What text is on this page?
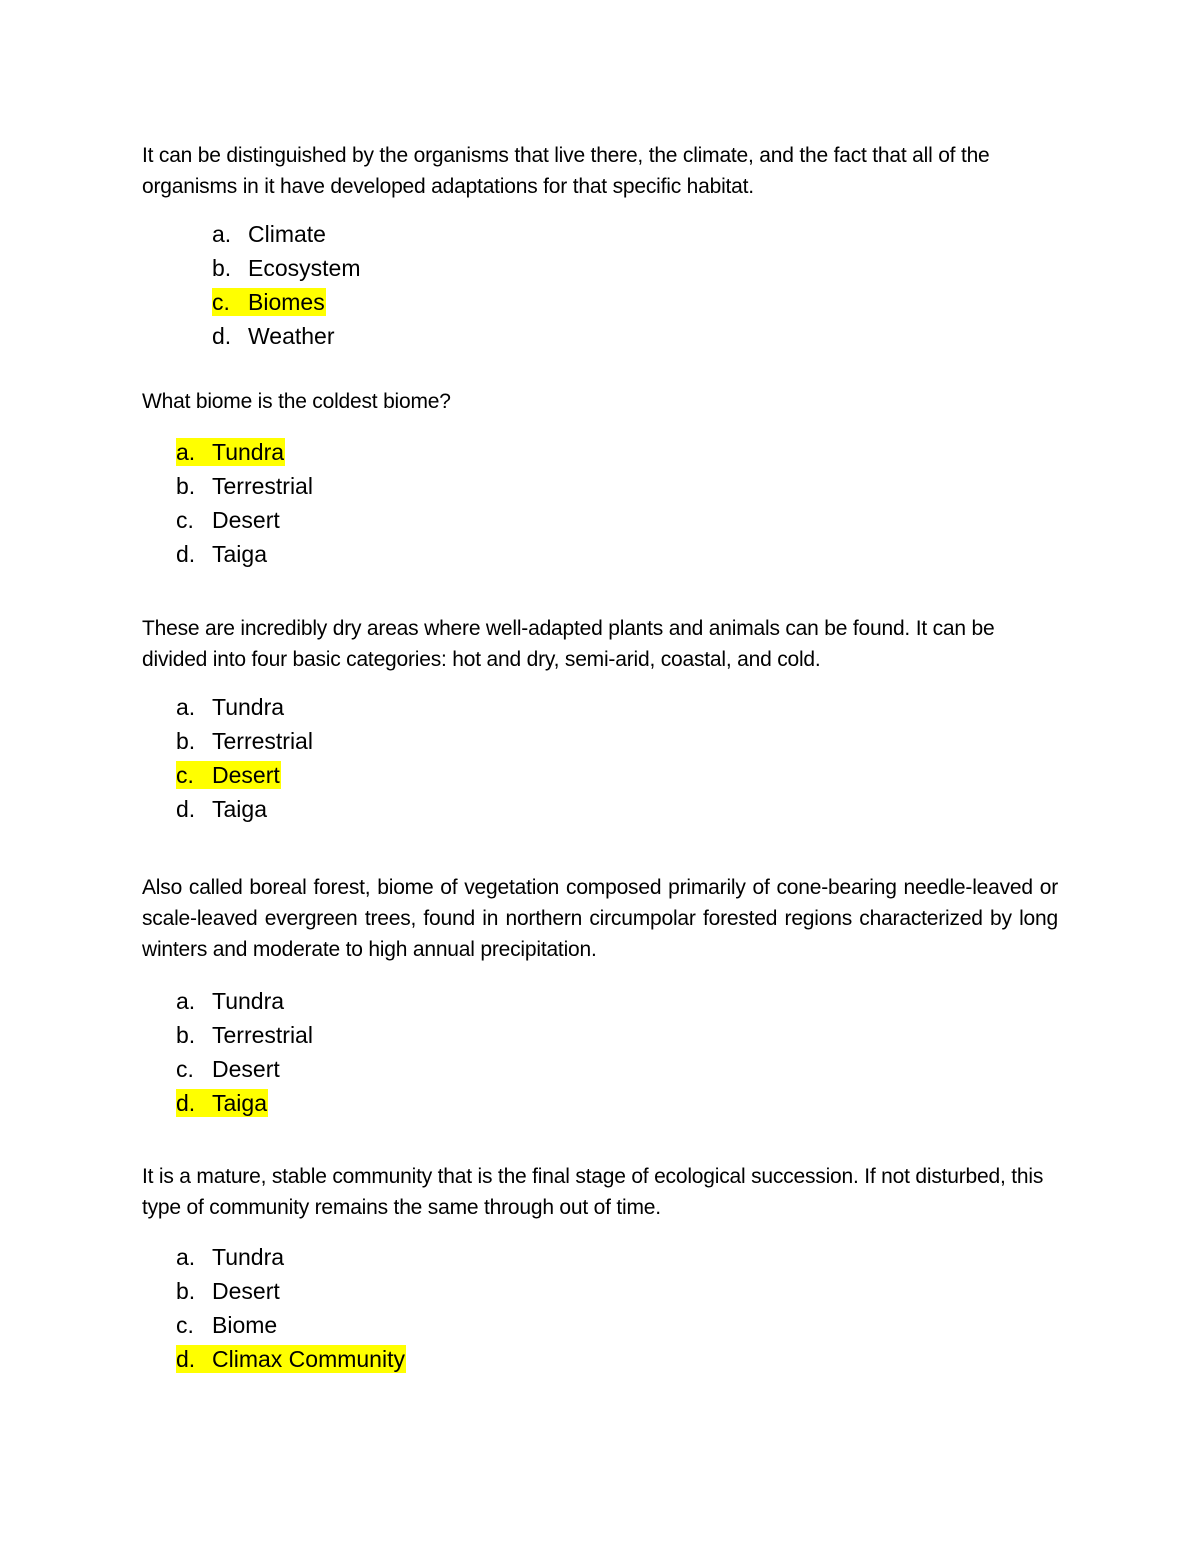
It can be distinguished by the organisms that live there, the climate, and the fact that all of the organisms in it have developed adaptations for that specific habitat.

a. Climate
b. Ecosystem
c. Biomes
d. Weather

What biome is the coldest biome?

a. Tundra
b. Terrestrial
c. Desert
d. Taiga

These are incredibly dry areas where well-adapted plants and animals can be found. It can be divided into four basic categories: hot and dry, semi-arid, coastal, and cold.

a. Tundra
b. Terrestrial
c. Desert
d. Taiga

Also called boreal forest, biome of vegetation composed primarily of cone-bearing needle-leaved or scale-leaved evergreen trees, found in northern circumpolar forested regions characterized by long winters and moderate to high annual precipitation.

a. Tundra
b. Terrestrial
c. Desert
d. Taiga

It is a mature, stable community that is the final stage of ecological succession. If not disturbed, this type of community remains the same through out of time.

a. Tundra
b. Desert
c. Biome
d. Climax Community
